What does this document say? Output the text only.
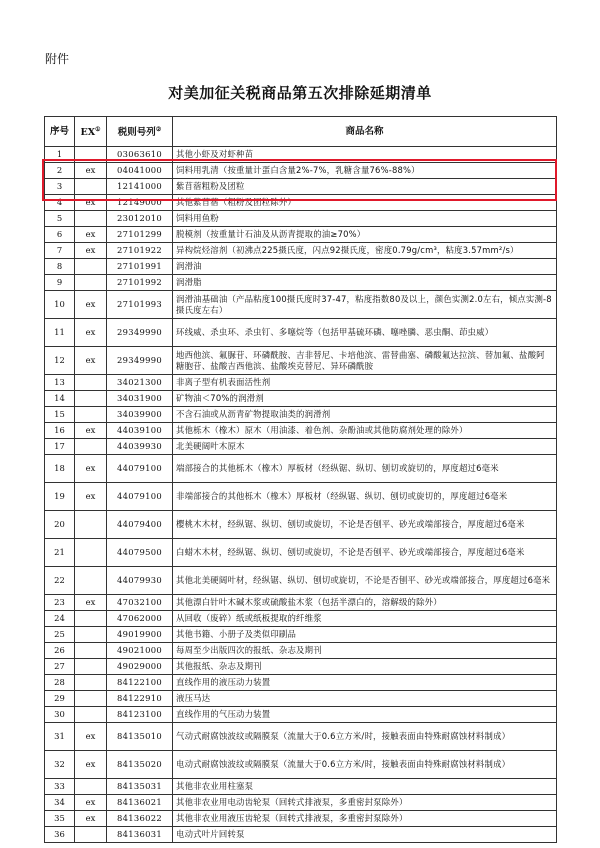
附件
对美加征关税商品第五次排除延期清单
序号	EX①	税则号列②	商品名称
1		03063610	其他小虾及对虾种苗
2	ex	04041000	饲料用乳清（按重量计蛋白含量2%-7%，乳糖含量76%-88%）
3		12141000	紫苜蓿粗粉及团粒
4	ex	12149000	其他紫苜蓿（粗粉及团粒除外）
5		23012010	饲料用鱼粉
6	ex	27101299	脱模剂（按重量计石油及从沥青提取的油≥70%）
7	ex	27101922	异构烷烃溶剂（初沸点225摄氏度，闪点92摄氏度，密度0.79g/cm³，粘度3.57mm²/s）
8		27101991	润滑油
9		27101992	润滑脂
10	ex	27101993	润滑油基础油（产品粘度100摄氏度时37-47，粘度指数80及以上，颜色实测2.0左右，倾点实测-8摄氏度左右）
11	ex	29349990	环线威、杀虫环、杀虫钉、多噻烷等（包括甲基硫环磷、噻唑膦、恶虫酮、茚虫威）
12	ex	29349990	地西他滨、氟脲苷、环磷酰胺、吉非替尼、卡培他滨、雷替曲塞、磷酸氟达拉滨、替加氟、盐酸阿糖胞苷、盐酸吉西他滨、盐酸埃克替尼、异环磷酰胺
13		34021300	非离子型有机表面活性剂
14		34031900	矿物油＜70%的润滑剂
15		34039900	不含石油或从沥青矿物提取油类的润滑剂
16	ex	44039100	其他栎木（橡木）原木（用油漆、着色剂、杂酚油或其他防腐剂处理的除外）
17		44039930	北美硬阔叶木原木
18	ex	44079100	端部接合的其他栎木（橡木）厚板材（经纵锯、纵切、刨切或旋切的，厚度超过6毫米
19	ex	44079100	非端部接合的其他栎木（橡木）厚板材（经纵锯、纵切、刨切或旋切的，厚度超过6毫米
20		44079400	樱桃木木材，经纵锯、纵切、刨切或旋切，不论是否刨平、砂光或端部接合，厚度超过6毫米
21		44079500	白蜡木木材，经纵锯、纵切、刨切或旋切，不论是否刨平、砂光或端部接合，厚度超过6毫米
22		44079930	其他北美硬阔叶材，经纵锯、纵切、刨切或旋切，不论是否刨平、砂光或端部接合，厚度超过6毫米
23	ex	47032100	其他漂白针叶木碱木浆或硫酸盐木浆（包括半漂白的，溶解级的除外）
24		47062000	从回收（废碎）纸或纸板提取的纤维浆
25		49019900	其他书籍、小册子及类似印刷品
26		49021000	每周至少出版四次的报纸、杂志及期刊
27		49029000	其他报纸、杂志及期刊
28		84122100	直线作用的液压动力装置
29		84122910	液压马达
30		84123100	直线作用的气压动力装置
31	ex	84135010	气动式耐腐蚀波纹或隔膜泵（流量大于0.6立方米/时，接触表面由特殊耐腐蚀材料制成）
32	ex	84135020	电动式耐腐蚀波纹或隔膜泵（流量大于0.6立方米/时，接触表面由特殊耐腐蚀材料制成）
33		84135031	其他非农业用柱塞泵
34	ex	84136021	其他非农业用电动齿轮泵（回转式排液泵，多重密封泵除外）
35	ex	84136022	其他非农业用液压齿轮泵（回转式排液泵，多重密封泵除外）
36		84136031	电动式叶片回转泵
